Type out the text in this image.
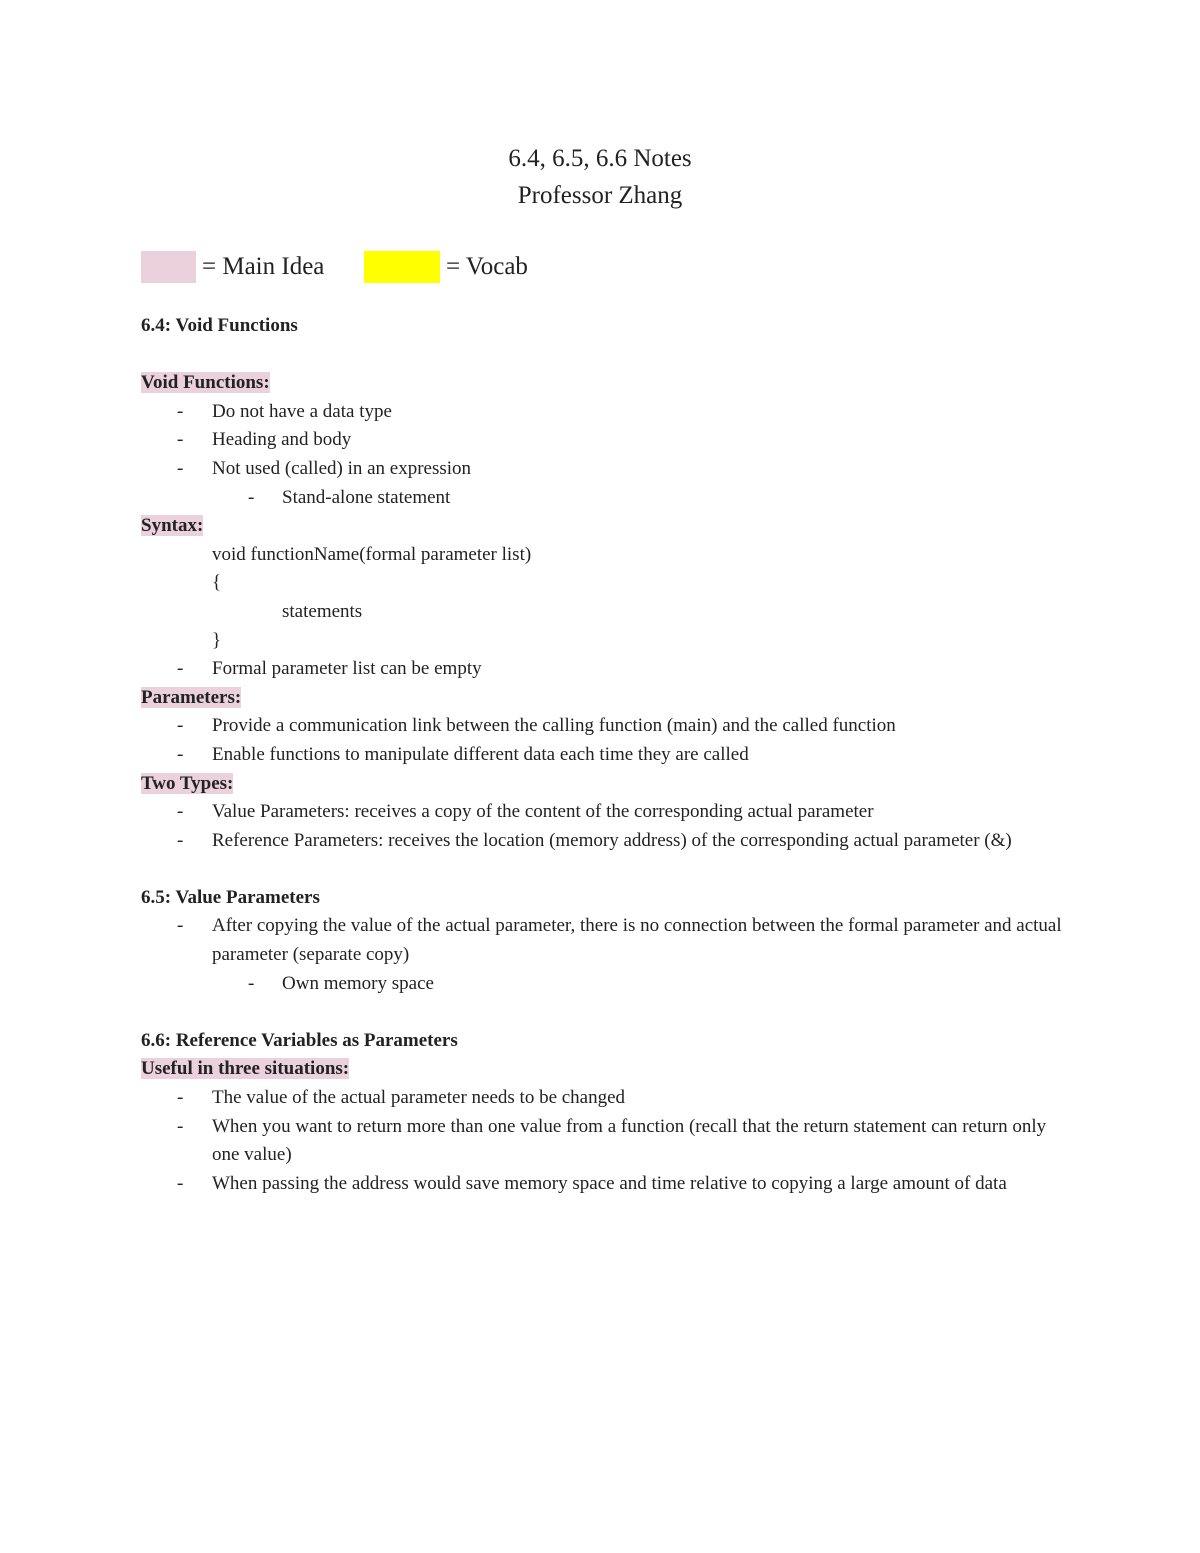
6.4, 6.5, 6.6 Notes
Professor Zhang
= Main Idea	= Vocab
6.4: Void Functions
Void Functions:
- Do not have a data type
- Heading and body
- Not used (called) in an expression
- Stand-alone statement
Syntax:
void functionName(formal parameter list)
{
statements
}
- Formal parameter list can be empty
Parameters:
- Provide a communication link between the calling function (main) and the called function
- Enable functions to manipulate different data each time they are called
Two Types:
- Value Parameters: receives a copy of the content of the corresponding actual parameter
- Reference Parameters: receives the location (memory address) of the corresponding actual parameter (&)
6.5: Value Parameters
- After copying the value of the actual parameter, there is no connection between the formal parameter and actual parameter (separate copy)
- Own memory space
6.6: Reference Variables as Parameters
Useful in three situations:
- The value of the actual parameter needs to be changed
- When you want to return more than one value from a function (recall that the return statement can return only one value)
- When passing the address would save memory space and time relative to copying a large amount of data
